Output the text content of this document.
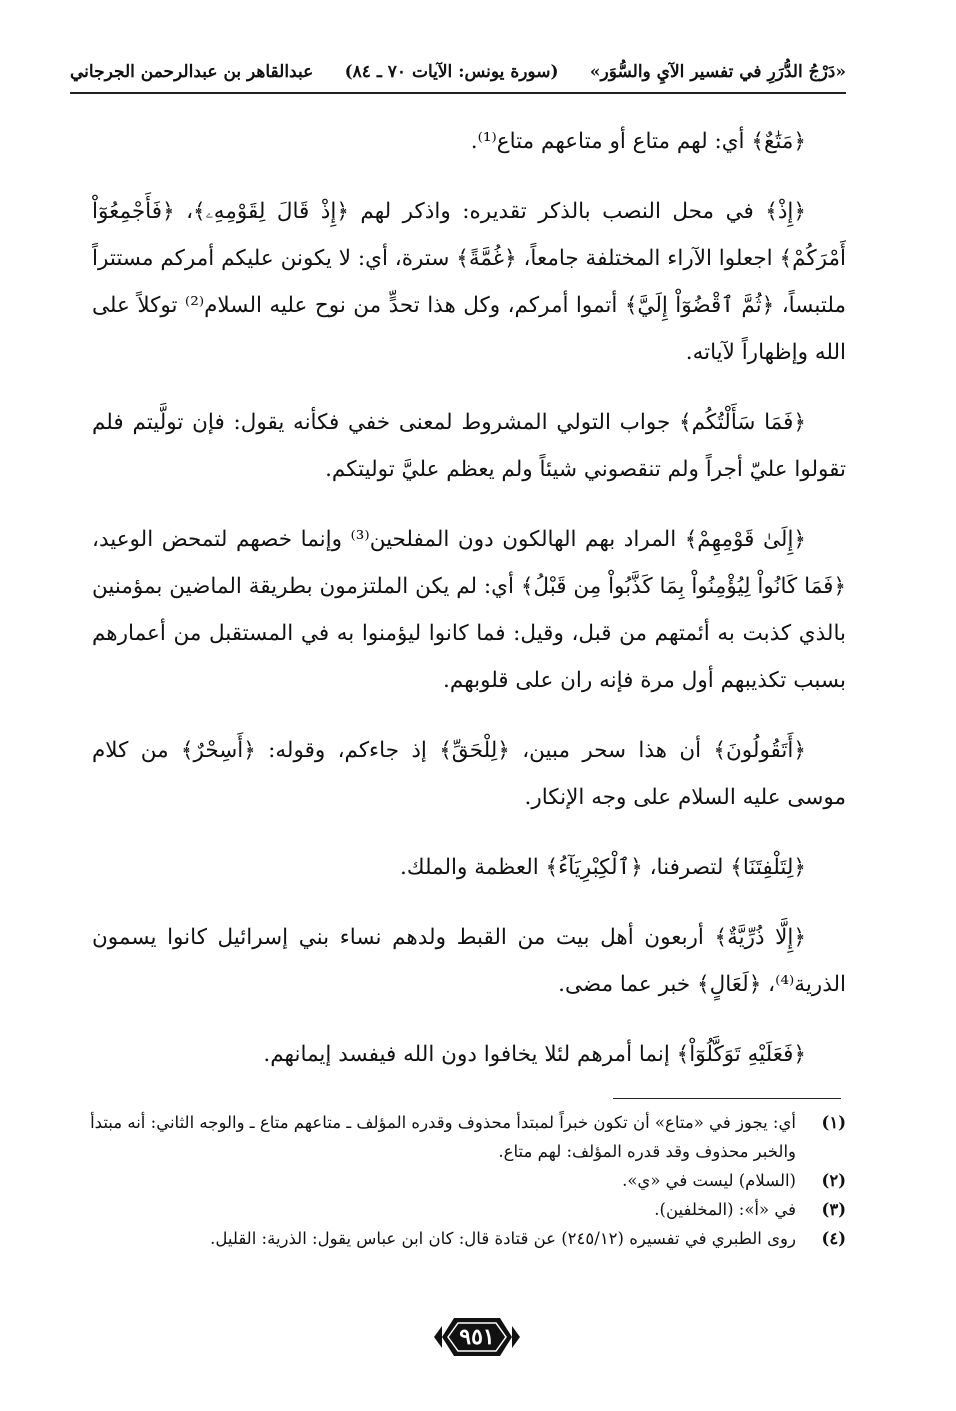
«دَرْجُ الدُّرَرِ في تفسير الآيِ والسُّوَر»
(سورة يونس: الآيات ٧٠ ـ ٨٤)
عبدالقاهر بن عبدالرحمن الجرجاني

﴿مَتَٰعٌ﴾ أي: لهم متاع أو متاعهم متاع⁽¹⁾.

﴿إِذْ﴾ في محل النصب بالذكر تقديره: واذكر لهم ﴿إِذْ قَالَ لِقَوْمِهِۦ﴾، ﴿فَأَجْمِعُوٓاْ أَمْرَكُمْ﴾ اجعلوا الآراء المختلفة جامعاً، ﴿غُمَّةً﴾ سترة، أي: لا يكونن عليكم أمركم مستتراً ملتبساً، ﴿ثُمَّ ٱقْضُوٓاْ إِلَيَّ﴾ أتموا أمركم، وكل هذا تحدٍّ من نوح عليه السلام⁽²⁾ توكلاً على الله وإظهاراً لآياته.

﴿فَمَا سَأَلْتُكُم﴾ جواب التولي المشروط لمعنى خفي فكأنه يقول: فإن تولَّيتم فلم تقولوا عليّ أجراً ولم تنقصوني شيئاً ولم يعظم عليَّ توليتكم.

﴿إِلَىٰ قَوْمِهِمْ﴾ المراد بهم الهالكون دون المفلحين⁽³⁾ وإنما خصهم لتمحض الوعيد، ﴿فَمَا كَانُواْ لِيُؤْمِنُواْ بِمَا كَذَّبُواْ مِن قَبْلُ﴾ أي: لم يكن الملتزمون بطريقة الماضين بمؤمنين بالذي كذبت به أئمتهم من قبل، وقيل: فما كانوا ليؤمنوا به في المستقبل من أعمارهم بسبب تكذيبهم أول مرة فإنه ران على قلوبهم.

﴿أَتَقُولُونَ﴾ أن هذا سحر مبين، ﴿لِلْحَقِّ﴾ إذ جاءكم، وقوله: ﴿أَسِحْرٌ﴾ من كلام موسى عليه السلام على وجه الإنكار.

﴿لِتَلْفِتَنَا﴾ لتصرفنا، ﴿ٱلْكِبْرِيَآءُ﴾ العظمة والملك.

﴿إِلَّا ذُرِّيَّةٌ﴾ أربعون أهل بيت من القبط ولدهم نساء بني إسرائيل كانوا يسمون الذرية⁽⁴⁾، ﴿لَعَالٍ﴾ خبر عما مضى.

﴿فَعَلَيْهِ تَوَكَّلُوٓاْ﴾ إنما أمرهم لئلا يخافوا دون الله فيفسد إيمانهم.

(١)
أي: يجوز في «متاع» أن تكون خبراً لمبتدأ محذوف وقدره المؤلف ـ متاعهم متاع ـ والوجه الثاني: أنه مبتدأ والخبر محذوف وقد قدره المؤلف: لهم متاع.
(٢)
(السلام) ليست في «ي».
(٣)
في «أ»: (المخلفين).
(٤)
روى الطبري في تفسيره (٢٤٥/١٢) عن قتادة قال: كان ابن عباس يقول: الذرية: القليل.
٩٥١
